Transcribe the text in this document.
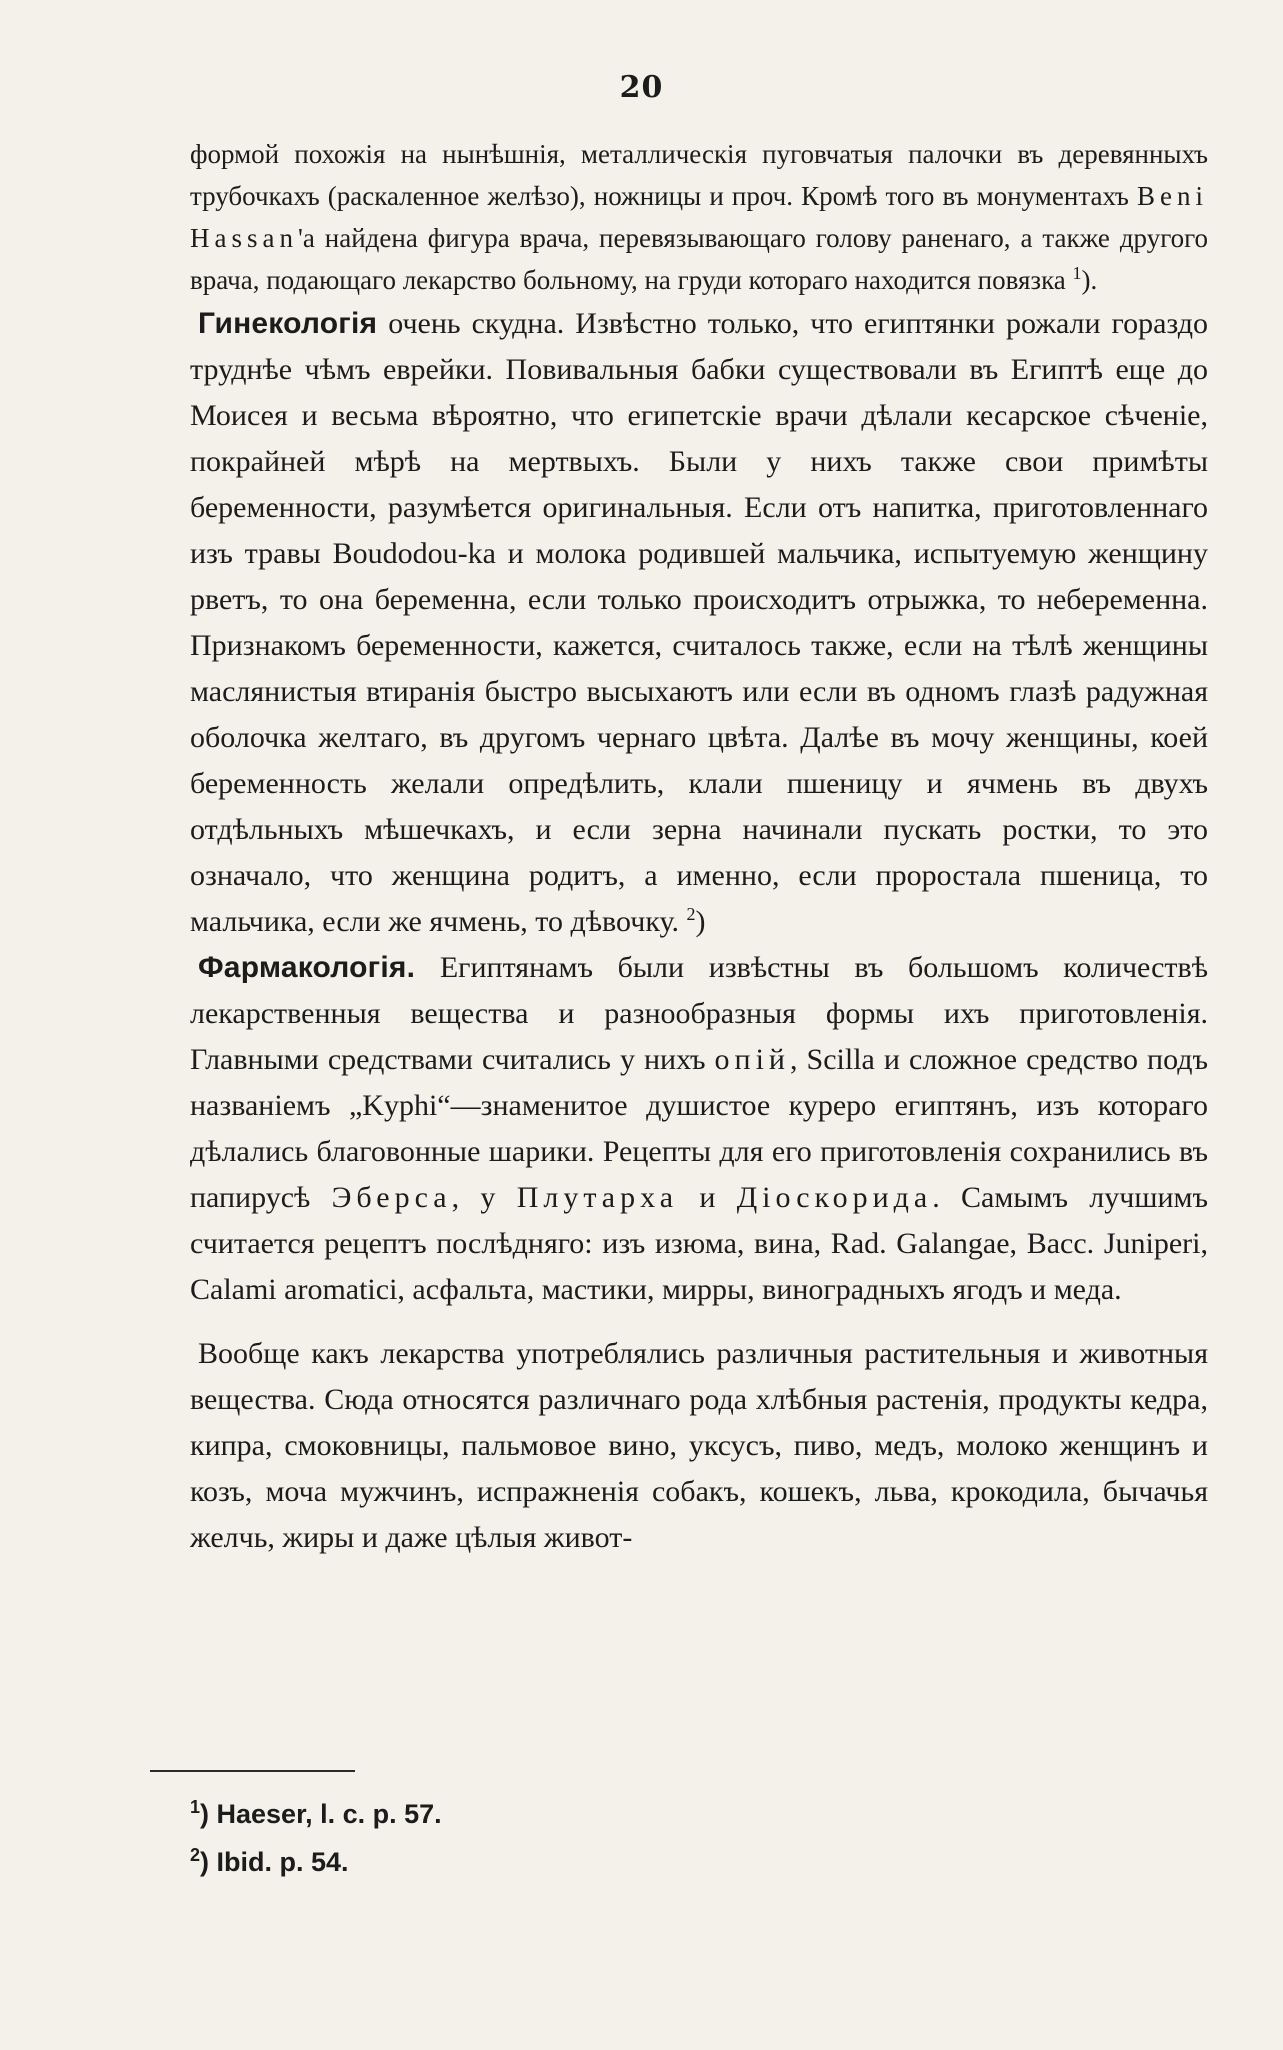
20

формой похожія на нынѣшнія, металлическія пуговчатыя палочки въ деревянныхъ трубочкахъ (раскаленное желѣзо), ножницы и проч. Кромѣ того въ монументахъ Beni Hassan'а найдена фигура врача, перевязывающаго голову раненаго, а также другого врача, подающаго лекарство больному, на груди котораго находится повязка $^1$).

Гинекологія очень скудна. Извѣстно только, что египтянки рожали гораздо труднѣе чѣмъ еврейки. Повивальныя бабки существовали въ Египтѣ еще до Моисея и весьма вѣроятно, что египетскіе врачи дѣлали кесарское сѣченіе, покрайней мѣрѣ на мертвыхъ. Были у нихъ также свои примѣты беременности, разумѣется оригинальныя. Если отъ напитка, приготовленнаго изъ травы Boudodou-ka и молока родившей мальчика, испытуемую женщину рветъ, то она беременна, если только происходитъ отрыжка, то небеременна. Признакомъ беременности, кажется, считалось также, если на тѣлѣ женщины маслянистыя втиранія быстро высыхаютъ или если въ одномъ глазѣ радужная оболочка желтаго, въ другомъ чернаго цвѣта. Далѣе въ мочу женщины, коей беременность желали опредѣлить, клали пшеницу и ячмень въ двухъ отдѣльныхъ мѣшечкахъ, и если зерна начинали пускать ростки, то это означало, что женщина родитъ, а именно, если проростала пшеница, то мальчика, если же ячмень, то дѣвочку. $^2$)

Фармакологія. Египтянамъ были извѣстны въ большомъ количествѣ лекарственныя вещества и разнообразныя формы ихъ приготовленія. Главными средствами считались у нихъ опій, Scilla и сложное средство подъ названіемъ „Kyphi“—знаменитое душистое куреро египтянъ, изъ котораго дѣлались благовонные шарики. Рецепты для его приготовленія сохранились въ папирусѣ Эберса, у Плутарха и Діоскорида. Самымъ лучшимъ считается рецептъ послѣдняго: изъ изюма, вина, Rad. Galangae, Bacc. Juniperi, Calami aromatici, асфальта, мастики, мирры, виноградныхъ ягодъ и меда.

Вообще какъ лекарства употреблялись различныя растительныя и животныя вещества. Сюда относятся различнаго рода хлѣбныя растенія, продукты кедра, кипра, смоковницы, пальмовое вино, уксусъ, пиво, медъ, молоко женщинъ и козъ, моча мужчинъ, испражненія собакъ, кошекъ, льва, крокодила, бычачья желчь, жиры и даже цѣлыя живот-

$^1$) Haeser, l. c. p. 57.

$^2$) Ibid. p. 54.
